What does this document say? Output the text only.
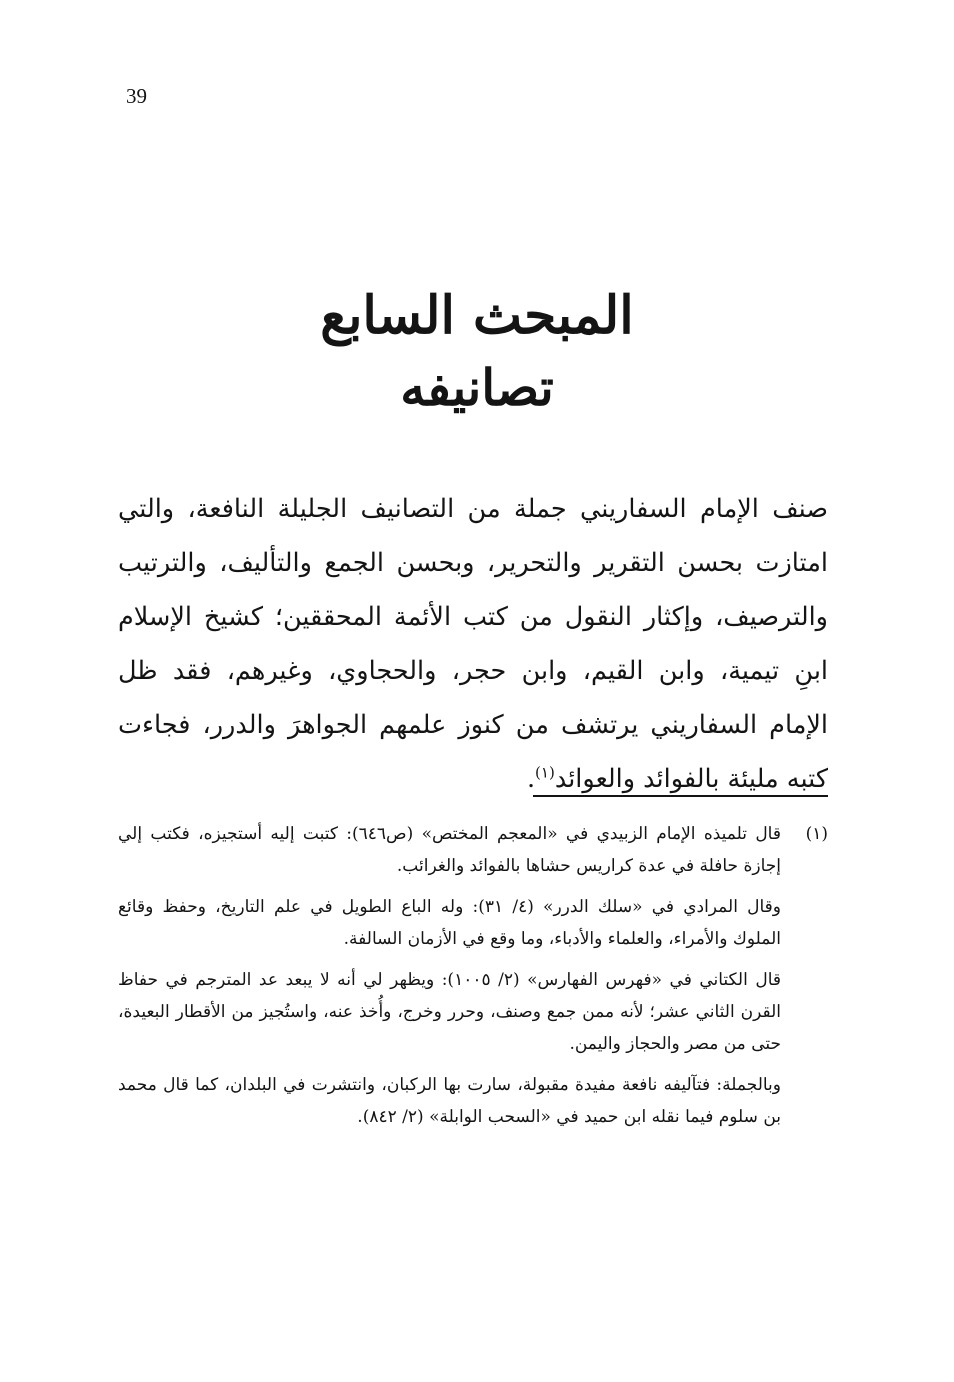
39
المبحث السابع
تصانيفه
صنف الإمام السفاريني جملة من التصانيف الجليلة النافعة، والتي امتازت بحسن التقرير والتحرير، وبحسن الجمع والتأليف، والترتيب والترصيف، وإكثار النقول من كتب الأئمة المحققين؛ كشيخ الإسلام ابنِ تيمية، وابن القيم، وابن حجر، والحجاوي، وغيرهم، فقد ظل الإمام السفاريني يرتشف من كنوز علمهم الجواهرَ والدرر، فجاءت كتبه مليئة بالفوائد والعوائد$^{(١)}$.

(١)
قال تلميذه الإمام الزبيدي في «المعجم المختص» (ص٦٤٦): كتبت إليه أستجيزه، فكتب إلي إجازة حافلة في عدة كراريس حشاها بالفوائد والغرائب.

وقال المرادي في «سلك الدرر» (٤/ ٣١): وله الباع الطويل في علم التاريخ، وحفظ وقائع الملوك والأمراء، والعلماء والأدباء، وما وقع في الأزمان السالفة.

قال الكتاني في «فهرس الفهارس» (٢/ ١٠٠٥): ويظهر لي أنه لا يبعد عد المترجم في حفاظ القرن الثاني عشر؛ لأنه ممن جمع وصنف، وحرر وخرج، وأُخذ عنه، واستُجيز من الأقطار البعيدة، حتى من مصر والحجاز واليمن.

وبالجملة: فتآليفه نافعة مفيدة مقبولة، سارت بها الركبان، وانتشرت في البلدان، كما قال محمد بن سلوم فيما نقله ابن حميد في «السحب الوابلة» (٢/ ٨٤٢).
